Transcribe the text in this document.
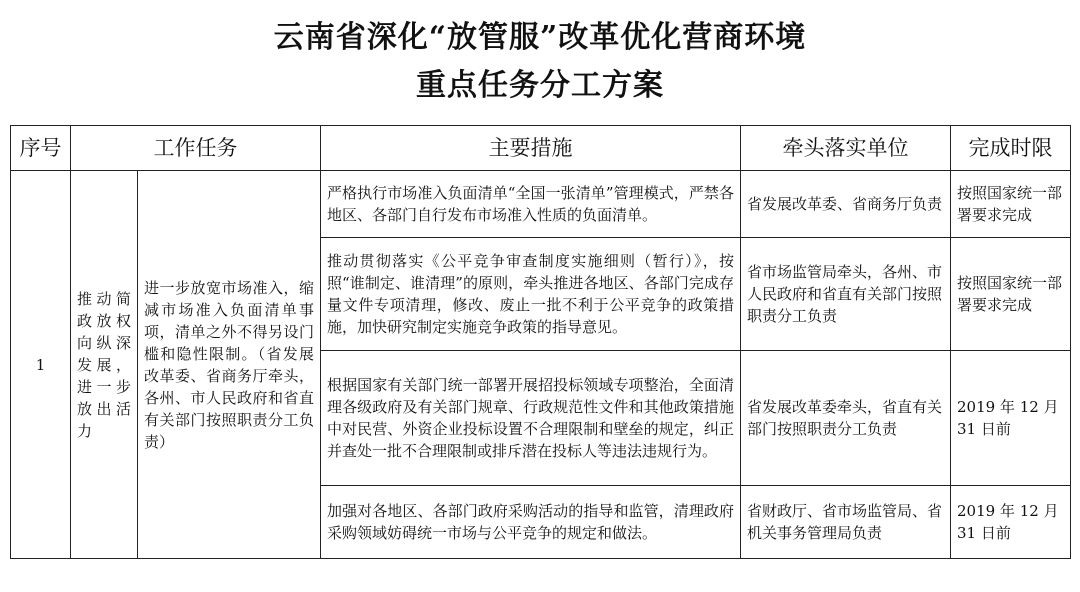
云南省深化“放管服”改革优化营商环境
重点任务分工方案
序号	工作任务		主要措施	牵头落实单位	完成时限
1	推动简政放权向纵深发展，进一步放出活力	进一步放宽市场准入，缩减市场准入负面清单事项，清单之外不得另设门槛和隐性限制。（省发展改革委、省商务厅牵头，各州、市人民政府和省直有关部门按照职责分工负责）	严格执行市场准入负面清单“全国一张清单”管理模式，严禁各地区、各部门自行发布市场准入性质的负面清单。	省发展改革委、省商务厅负责	按照国家统一部署要求完成
			推动贯彻落实《公平竞争审查制度实施细则（暂行）》，按照“谁制定、谁清理”的原则，牵头推进各地区、各部门完成存量文件专项清理，修改、废止一批不利于公平竞争的政策措施，加快研究制定实施竞争政策的指导意见。	省市场监管局牵头，各州、市人民政府和省直有关部门按照职责分工负责	按照国家统一部署要求完成
			根据国家有关部门统一部署开展招投标领域专项整治，全面清理各级政府及有关部门规章、行政规范性文件和其他政策措施中对民营、外资企业投标设置不合理限制和壁垒的规定，纠正并查处一批不合理限制或排斥潜在投标人等违法违规行为。	省发展改革委牵头，省直有关部门按照职责分工负责	2019 年 12 月 31 日前
			加强对各地区、各部门政府采购活动的指导和监管，清理政府采购领域妨碍统一市场与公平竞争的规定和做法。	省财政厅、省市场监管局、省机关事务管理局负责	2019 年 12 月 31 日前
